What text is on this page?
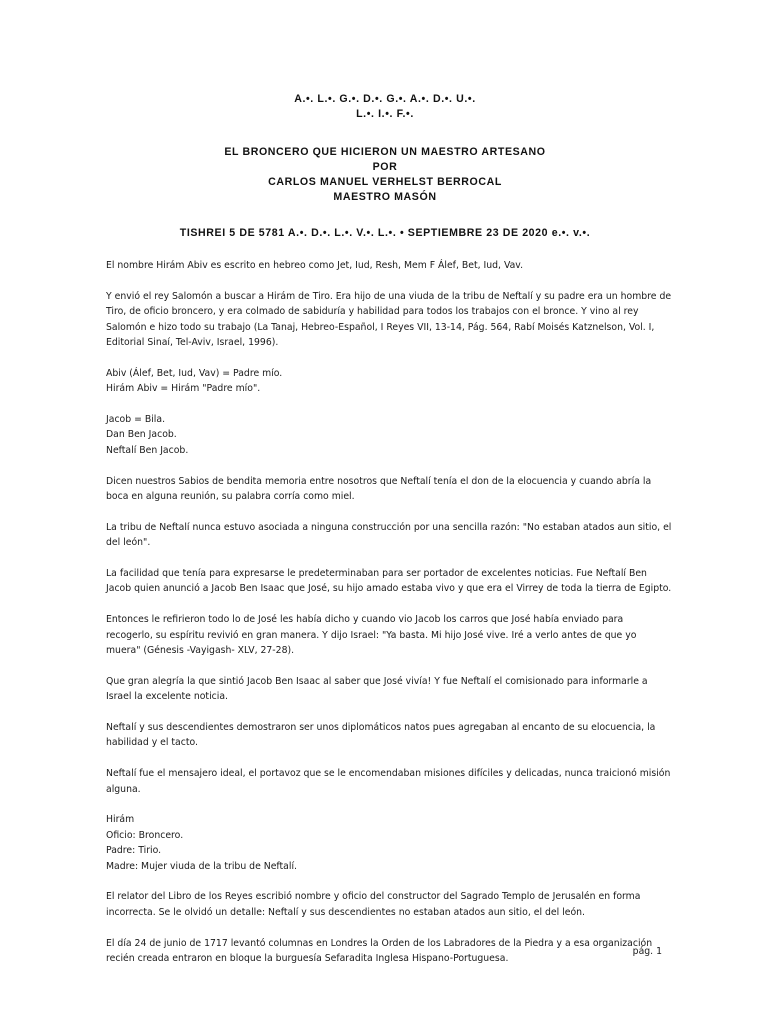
A.•. L.•. G.•. D.•. G.•. A.•. D.•. U.•.
L.•. I.•. F.•.
EL BRONCERO QUE HICIERON UN MAESTRO ARTESANO
POR
CARLOS MANUEL VERHELST BERROCAL
MAESTRO MASÓN
TISHREI 5 DE 5781 A.•. D.•. L.•. V.•. L.•. • SEPTIEMBRE 23 DE 2020 e.•. v.•.

El nombre Hirám Abiv es escrito en hebreo como Jet, Iud, Resh, Mem F Álef, Bet, Iud, Vav.

Y envió el rey Salomón a buscar a Hirám de Tiro. Era hijo de una viuda de la tribu de Neftalí y su padre era un hombre de
Tiro, de oficio broncero, y era colmado de sabiduría y habilidad para todos los trabajos con el bronce. Y vino al rey
Salomón e hizo todo su trabajo (La Tanaj, Hebreo-Español, I Reyes VII, 13-14, Pág. 564, Rabí Moisés Katznelson, Vol. I,
Editorial Sinaí, Tel-Aviv, Israel, 1996).

Abiv (Álef, Bet, Iud, Vav) = Padre mío.
Hirám Abiv = Hirám "Padre mío".

Jacob = Bila.
Dan Ben Jacob.
Neftalí Ben Jacob.

Dicen nuestros Sabios de bendita memoria entre nosotros que Neftalí tenía el don de la elocuencia y cuando abría la
boca en alguna reunión, su palabra corría como miel.

La tribu de Neftalí nunca estuvo asociada a ninguna construcción por una sencilla razón: "No estaban atados aun sitio, el
del león".

La facilidad que tenía para expresarse le predeterminaban para ser portador de excelentes noticias. Fue Neftalí Ben
Jacob quien anunció a Jacob Ben Isaac que José, su hijo amado estaba vivo y que era el Virrey de toda la tierra de Egipto.

Entonces le refirieron todo lo de José les había dicho y cuando vio Jacob los carros que José había enviado para
recogerlo, su espíritu revivió en gran manera. Y dijo Israel: "Ya basta. Mi hijo José vive. Iré a verlo antes de que yo
muera" (Génesis -Vayigash- XLV, 27-28).

Que gran alegría la que sintió Jacob Ben Isaac al saber que José vivía! Y fue Neftalí el comisionado para informarle a
Israel la excelente noticia.

Neftalí y sus descendientes demostraron ser unos diplomáticos natos pues agregaban al encanto de su elocuencia, la
habilidad y el tacto.

Neftalí fue el mensajero ideal, el portavoz que se le encomendaban misiones difíciles y delicadas, nunca traicionó misión
alguna.

Hirám
Oficio: Broncero.
Padre: Tirio.
Madre: Mujer viuda de la tribu de Neftalí.

El relator del Libro de los Reyes escribió nombre y oficio del constructor del Sagrado Templo de Jerusalén en forma
incorrecta. Se le olvidó un detalle: Neftalí y sus descendientes no estaban atados aun sitio, el del león.

El día 24 de junio de 1717 levantó columnas en Londres la Orden de los Labradores de la Piedra y a esa organización
recién creada entraron en bloque la burguesía Sefaradita Inglesa Hispano-Portuguesa.

pág. 1
